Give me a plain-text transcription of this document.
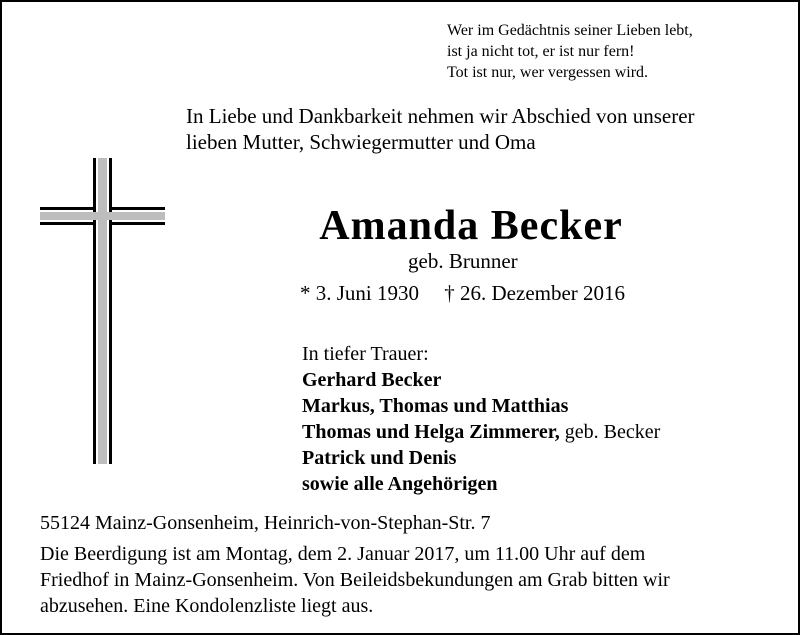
Wer im Gedächtnis seiner Lieben lebt,
ist ja nicht tot, er ist nur fern!
Tot ist nur, wer vergessen wird.
In Liebe und Dankbarkeit nehmen wir Abschied von unserer
lieben Mutter, Schwiegermutter und Oma
Amanda Becker
geb. Brunner
* 3. Juni 1930 † 26. Dezember 2016
In tiefer Trauer:
Gerhard Becker
Markus, Thomas und Matthias
Thomas und Helga Zimmerer, geb. Becker
Patrick und Denis
sowie alle Angehörigen
55124 Mainz-Gonsenheim, Heinrich-von-Stephan-Str. 7
Die Beerdigung ist am Montag, dem 2. Januar 2017, um 11.00 Uhr auf dem
Friedhof in Mainz-Gonsenheim. Von Beileidsbekundungen am Grab bitten wir
abzusehen. Eine Kondolenzliste liegt aus.
